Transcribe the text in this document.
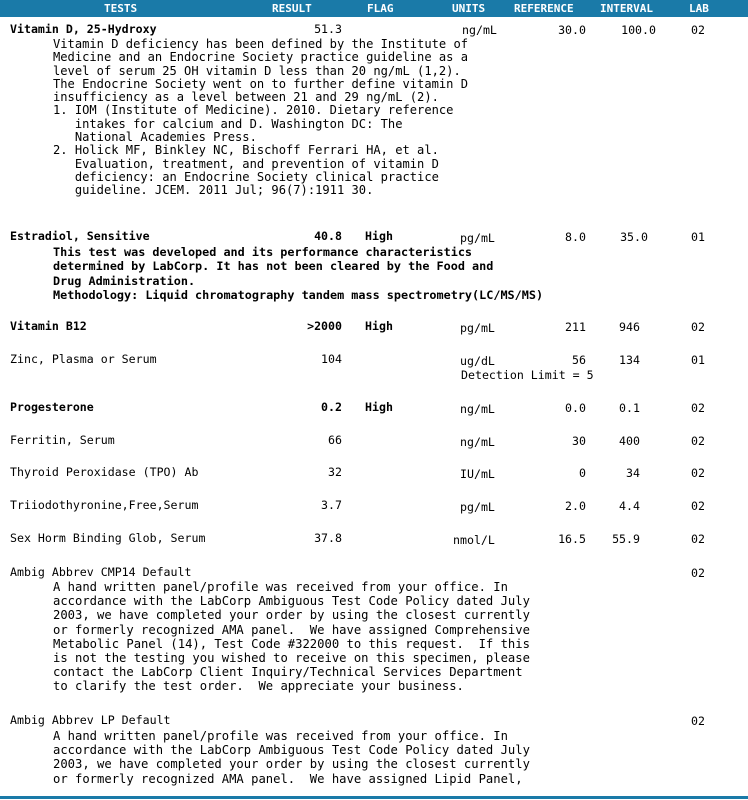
TESTS	RESULT	FLAG	UNITS	REFERENCE INTERVAL	LAB
Vitamin D, 25-Hydroxy	51.3	ng/mL	30.0	100.0	02
Vitamin D deficiency has been defined by the Institute of
Medicine and an Endocrine Society practice guideline as a
level of serum 25 OH vitamin D less than 20 ng/mL (1,2).
The Endocrine Society went on to further define vitamin D
insufficiency as a level between 21 and 29 ng/mL (2).
1. IOM (Institute of Medicine). 2010. Dietary reference
intakes for calcium and D. Washington DC: The
National Academies Press.
2. Holick MF, Binkley NC, Bischoff Ferrari HA, et al.
Evaluation, treatment, and prevention of vitamin D
deficiency: an Endocrine Society clinical practice
guideline. JCEM. 2011 Jul; 96(7):1911 30.
Estradiol, Sensitive	40.8 High	pg/mL	8.0	35.0	01
This test was developed and its performance characteristics
determined by LabCorp. It has not been cleared by the Food and
Drug Administration.
Methodology: Liquid chromatography tandem mass spectrometry(LC/MS/MS)
Vitamin B12	>2000 High	pg/mL	211	946	02
Zinc, Plasma or Serum	104	ug/dL	56	134	01
Detection Limit = 5
Progesterone	0.2 High	ng/mL	0.0	0.1	02
Ferritin, Serum	66	ng/mL	30	400	02
Thyroid Peroxidase (TPO) Ab	32	IU/mL	0	34	02
Triiodothyronine,Free,Serum	3.7	pg/mL	2.0	4.4	02
Sex Horm Binding Glob, Serum	37.8	nmol/L	16.5	55.9	02
Ambig Abbrev CMP14 Default	02
A hand written panel/profile was received from your office. In
accordance with the LabCorp Ambiguous Test Code Policy dated July
2003, we have completed your order by using the closest currently
or formerly recognized AMA panel.  We have assigned Comprehensive
Metabolic Panel (14), Test Code #322000 to this request.  If this
is not the testing you wished to receive on this specimen, please
contact the LabCorp Client Inquiry/Technical Services Department
to clarify the test order.  We appreciate your business.
Ambig Abbrev LP Default	02
A hand written panel/profile was received from your office. In
accordance with the LabCorp Ambiguous Test Code Policy dated July
2003, we have completed your order by using the closest currently
or formerly recognized AMA panel.  We have assigned Lipid Panel,
